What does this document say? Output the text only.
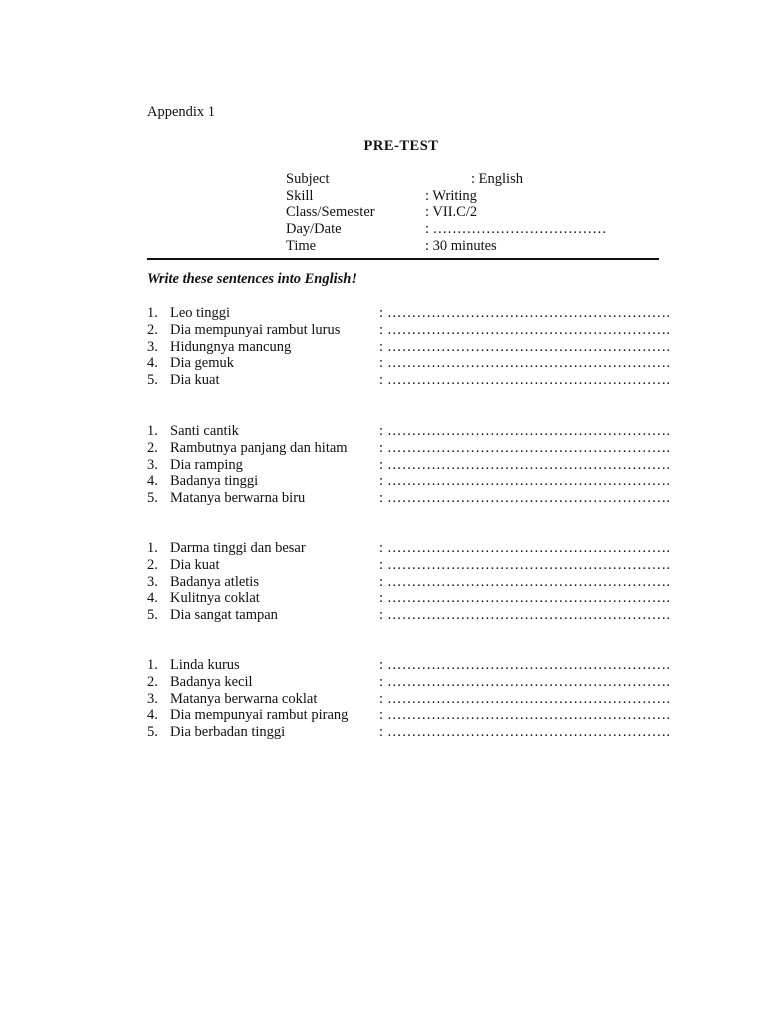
Appendix 1
PRE-TEST
Subject	: English
Skill	: Writing
Class/Semester	: VII.C/2
Day/Date	: ………………………………
Time	: 30 minutes
Write these sentences into English!
1. Leo tinggi	: ………………………………………………….
2. Dia mempunyai rambut lurus	: ………………………………………………….
3. Hidungnya mancung	: ………………………………………………….
4. Dia gemuk	: ………………………………………………….
5. Dia kuat	: ………………………………………………….
1. Santi cantik	: ………………………………………………….
2. Rambutnya panjang dan hitam : ………………………………………………….
3. Dia ramping	: ………………………………………………….
4. Badanya tinggi	: ………………………………………………….
5. Matanya berwarna biru	: ………………………………………………….
1. Darma tinggi dan besar	: ………………………………………………….
2. Dia kuat	: ………………………………………………….
3. Badanya atletis	: ………………………………………………….
4. Kulitnya coklat	: ………………………………………………….
5. Dia sangat tampan	: ………………………………………………….
1. Linda kurus	: ………………………………………………….
2. Badanya kecil	: ………………………………………………….
3. Matanya berwarna coklat	: ………………………………………………….
4. Dia mempunyai rambut pirang : ………………………………………………….
5. Dia berbadan tinggi	: ………………………………………………….
